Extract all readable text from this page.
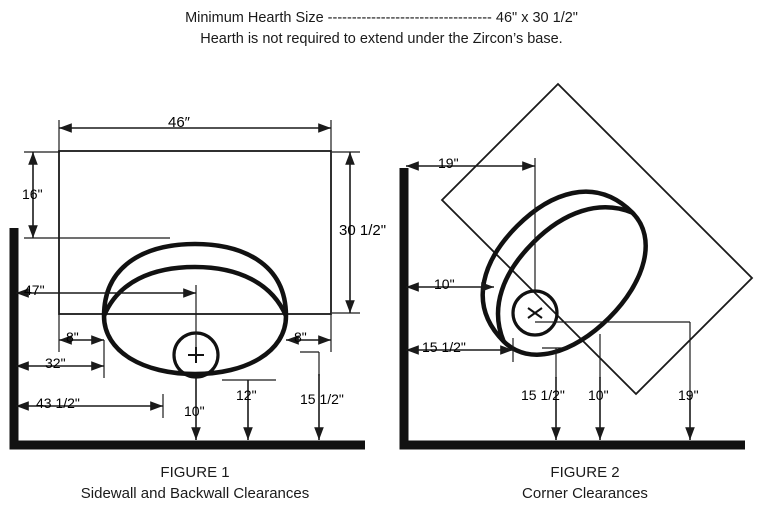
Minimum Hearth Size ---------------------------------- 46" x 30 1/2"
Hearth is not required to extend under the Zircon’s base.
46″
16"
30 1/2"
47"
8"	8"
32"
43 1/2"	10"
12"	15 1/2"
19"
10"
15 1/2"
15 1/2" 10"	19"
FIGURE 1
Sidewall and Backwall Clearances
FIGURE 2
Corner Clearances
